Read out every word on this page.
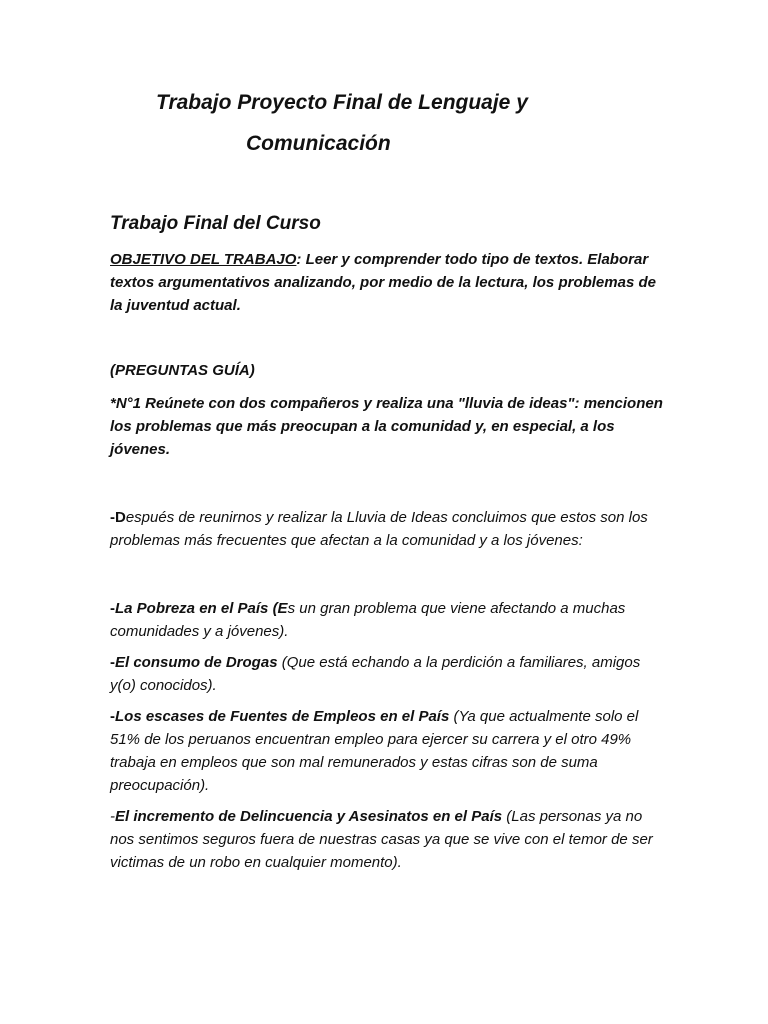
Trabajo Proyecto Final de Lenguaje y
Comunicación

Trabajo Final del Curso

OBJETIVO DEL TRABAJO: Leer y comprender todo tipo de textos. Elaborar textos argumentativos analizando, por medio de la lectura, los problemas de la juventud actual.

(PREGUNTAS GUÍA)

*N°1 Reúnete con dos compañeros y realiza una "lluvia de ideas": mencionen los problemas que más preocupan a la comunidad y, en especial, a los jóvenes.

-Después de reunirnos y realizar la Lluvia de Ideas concluimos que estos son los problemas más frecuentes que afectan a la comunidad y a los jóvenes:

-La Pobreza en el País (Es un gran problema que viene afectando a muchas comunidades y a jóvenes).

-El consumo de Drogas (Que está echando a la perdición a familiares, amigos y(o) conocidos).

-Los escases de Fuentes de Empleos en el País (Ya que actualmente solo el 51% de los peruanos encuentran empleo para ejercer su carrera y el otro 49% trabaja en empleos que son mal remunerados y estas cifras son de suma preocupación).

-El incremento de Delincuencia y Asesinatos en el País (Las personas ya no nos sentimos seguros fuera de nuestras casas ya que se vive con el temor de ser victimas de un robo en cualquier momento).
